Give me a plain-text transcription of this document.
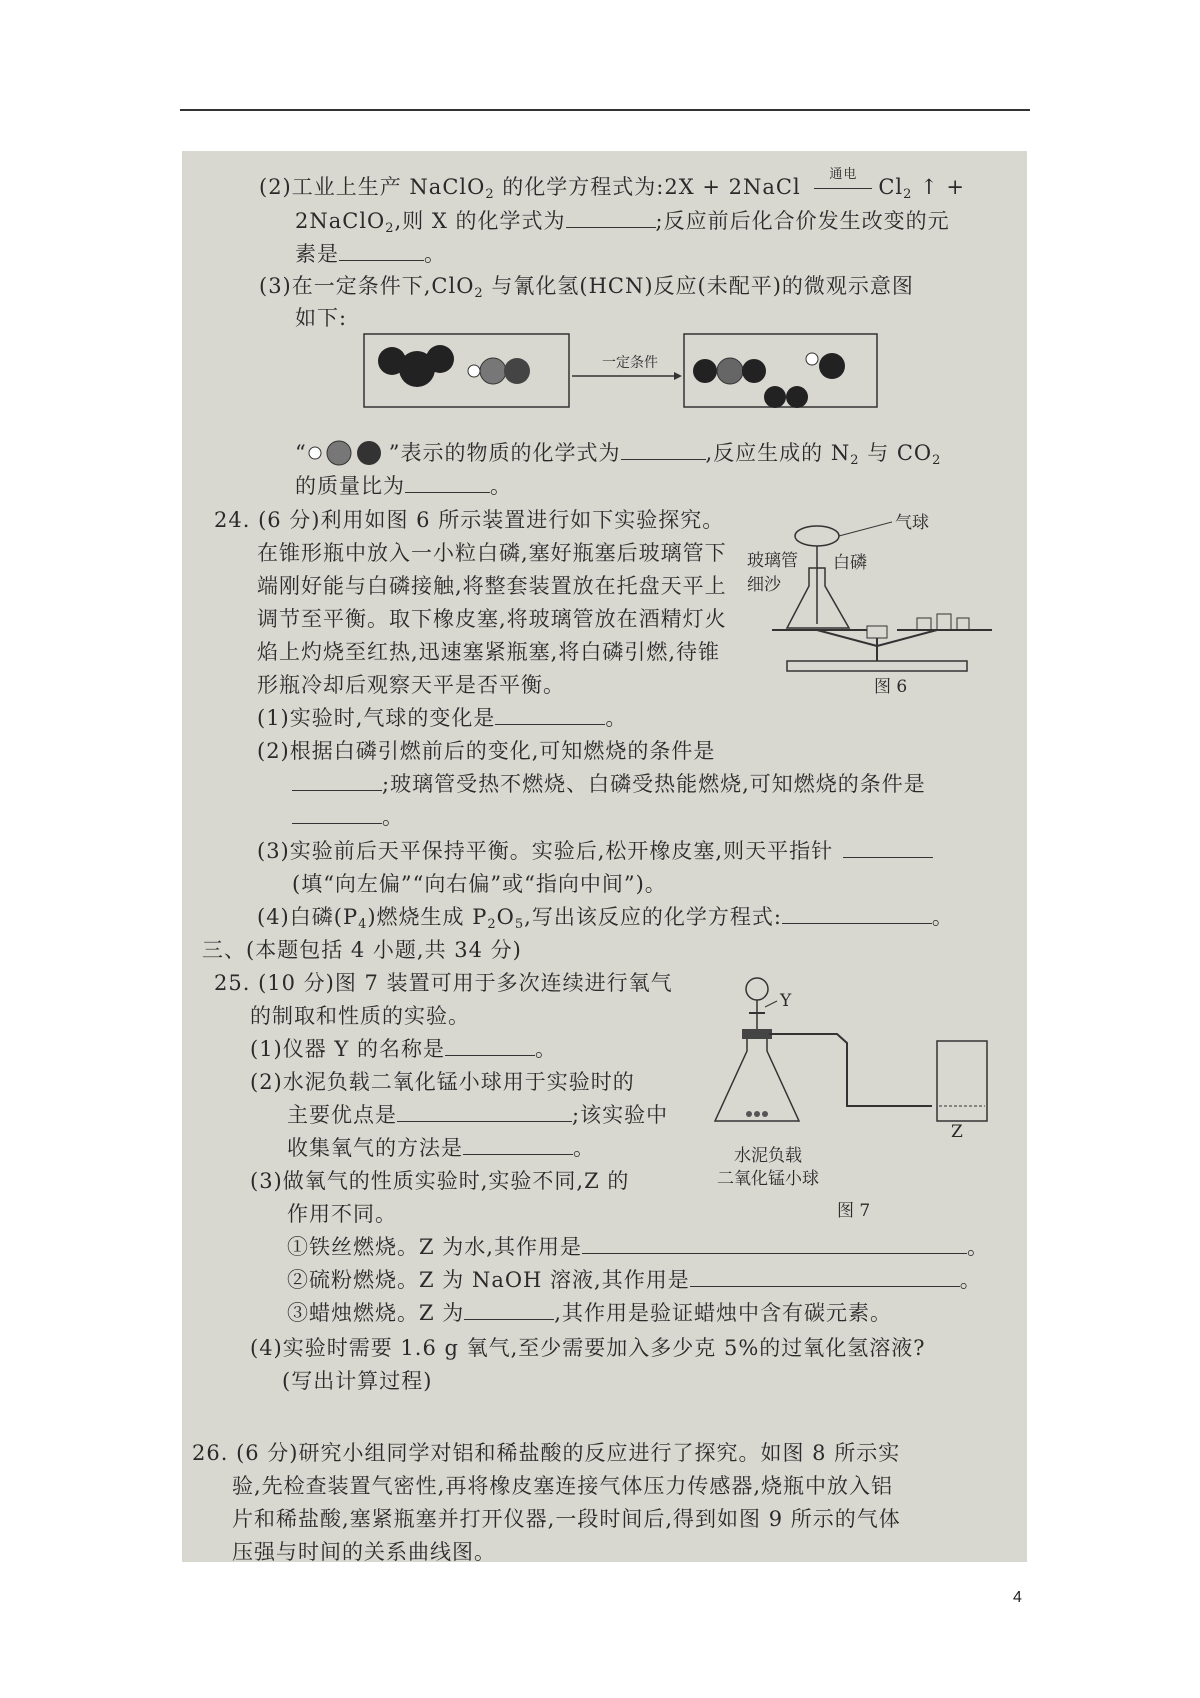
(2)工业上生产 NaClO$_2$ 的化学方程式为:2X + 2NaCl
通电
$Cl_2$ ↑ +
2NaClO$_2$,则 X 的化学式为	;反应前后化合价发生改变的元
素是	。
(3)在一定条件下,ClO$_2$ 与氰化氢(HCN)反应(未配平)的微观示意图
如下:
一定条件
“	”表示的物质的化学式为	,反应生成的 $N_2$ 与 $CO_2$
的质量比为	。
24. (6 分)利用如图 6 所示装置进行如下实验探究。
在锥形瓶中放入一小粒白磷,塞好瓶塞后玻璃管下
端刚好能与白磷接触,将整套装置放在托盘天平上
调节至平衡。取下橡皮塞,将玻璃管放在酒精灯火
焰上灼烧至红热,迅速塞紧瓶塞,将白磷引燃,待锥
形瓶冷却后观察天平是否平衡。
气球
玻璃管 白磷
细沙
图 6
(1)实验时,气球的变化是	。
(2)根据白磷引燃前后的变化,可知燃烧的条件是
;玻璃管受热不燃烧、白磷受热能燃烧,可知燃烧的条件是
。
(3)实验前后天平保持平衡。实验后,松开橡皮塞,则天平指针
(填“向左偏”“向右偏”或“指向中间”)。
(4)白磷$(P_4)$燃烧生成 $P_2O_5$,写出该反应的化学方程式:	。
三、(本题包括 4 小题,共 34 分)
25. (10 分)图 7 装置可用于多次连续进行氧气
的制取和性质的实验。
(1)仪器 Y 的名称是	。
(2)水泥负载二氧化锰小球用于实验时的
主要优点是	;该实验中
收集氧气的方法是	。
(3)做氧气的性质实验时,实验不同,Z 的
作用不同。
Y
Z
水泥负载
二氧化锰小球
图 7
①铁丝燃烧。Z 为水,其作用是	。
②硫粉燃烧。Z 为 NaOH 溶液,其作用是	。
③蜡烛燃烧。Z 为	,其作用是验证蜡烛中含有碳元素。
(4)实验时需要 1.6 g 氧气,至少需要加入多少克 5%的过氧化氢溶液?
(写出计算过程)
26. (6 分)研究小组同学对铝和稀盐酸的反应进行了探究。如图 8 所示实
验,先检查装置气密性,再将橡皮塞连接气体压力传感器,烧瓶中放入铝
片和稀盐酸,塞紧瓶塞并打开仪器,一段时间后,得到如图 9 所示的气体
压强与时间的关系曲线图。
4
